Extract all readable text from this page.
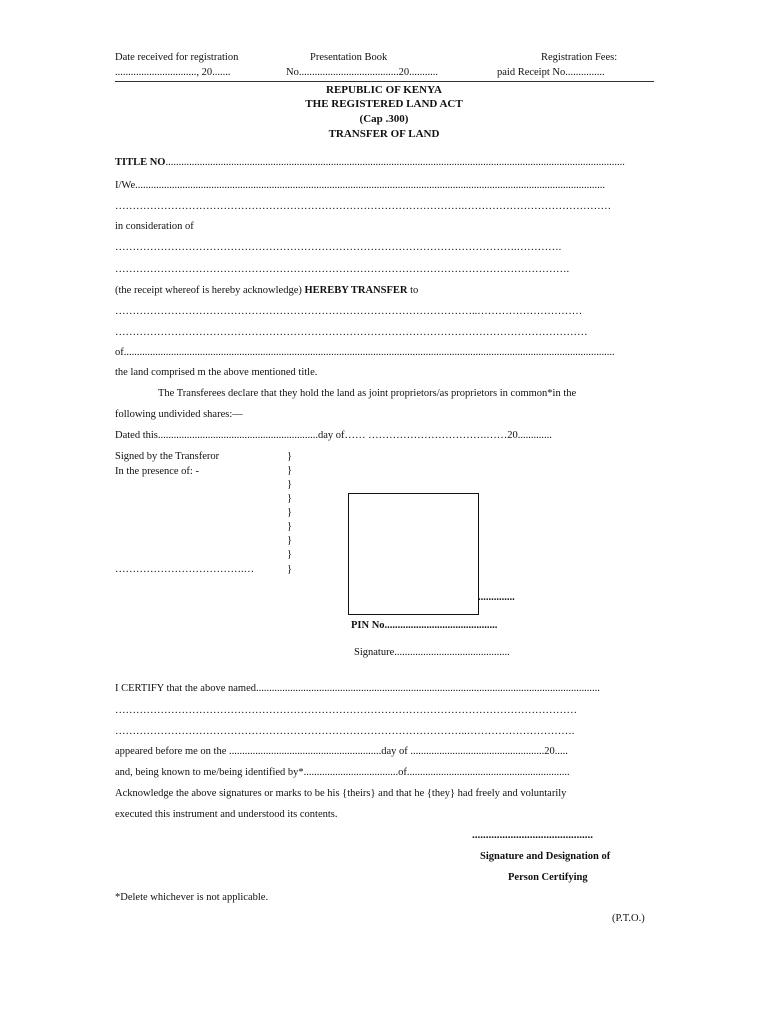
Date received for registration
..............................., 20.......
Presentation Book
No......................................20...........
Registration Fees:
paid Receipt No...............
REPUBLIC OF KENYA
THE REGISTERED LAND ACT
(Cap .300)
TRANSFER OF LAND
TITLE NO...............................................................................................................................................................................
I/We...................................................................................................................................................................................
……………………………………………………………………………………….……………………………………
in consideration of
…………………………………………………………………………………………………….………….
………………………………………………………………………………………………………………….
(the receipt whereof is hereby acknowledge) HEREBY TRANSFER to
…………………………………………………………………………………………..…………………………
………………………………………………………………………………………………………………………
of...........................................................................................................................................................................................
the land comprised m the above mentioned title.
The Transferees declare that they hold the land as joint proprietors/as proprietors in common*in the
following undivided shares:—
Dated this.............................................................day of…… …………………………….……20.............
Signed by the Transferor
In the presence of: -
}
}
}
}
}
}
}
}
}
……………………………….…
..............
PIN No...........................................
Signature............................................
I CERTIFY that the above named...................................................................................................................................
……………………………………………………………………………………………………………………
………………………………………………………………………………………..………………………….
appeared before me on the ..........................................................day of ...................................................20.....
and, being known to me/being identified by*....................................of..............................................................
Acknowledge the above signatures or marks to be his {theirs} and that he {they} had freely and voluntarily
executed this instrument and understood its contents.
............................................
Signature and Designation of
Person Certifying
*Delete whichever is not applicable.
(P.T.O.)
